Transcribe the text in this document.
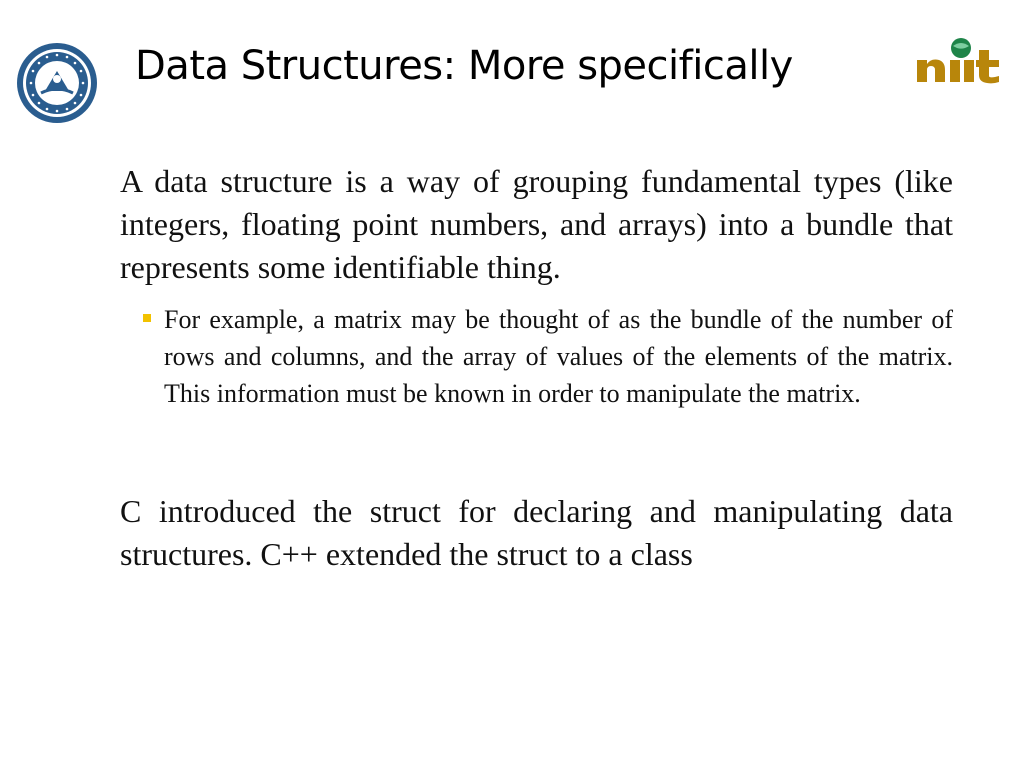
Data Structures: More specifically

A data structure is a way of grouping fundamental types (like integers, floating point numbers, and arrays) into a bundle that represents some identifiable thing.

For example, a matrix may be thought of as the bundle of the number of rows and columns, and the array of values of the elements of the matrix. This information must be known in order to manipulate the matrix.

C introduced the struct for declaring and manipulating data structures. C++ extended the struct to a class
